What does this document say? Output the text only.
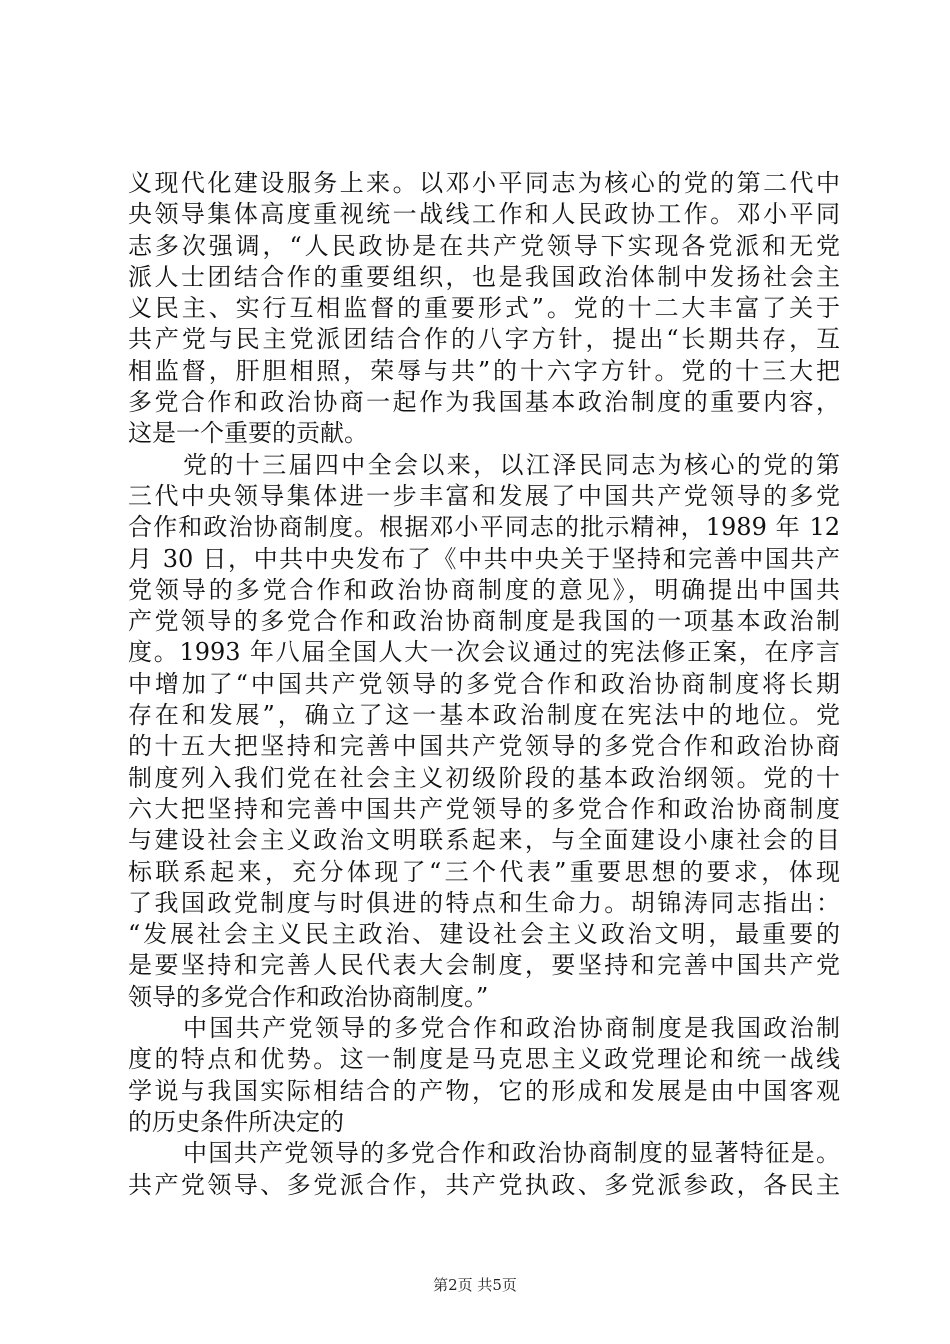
义现代化建设服务上来。以邓小平同志为核心的党的第二代中
央领导集体高度重视统一战线工作和人民政协工作。邓小平同
志多次强调，“人民政协是在共产党领导下实现各党派和无党
派人士团结合作的重要组织，也是我国政治体制中发扬社会主
义民主、实行互相监督的重要形式”。党的十二大丰富了关于
共产党与民主党派团结合作的八字方针，提出“长期共存，互
相监督，肝胆相照，荣辱与共”的十六字方针。党的十三大把
多党合作和政治协商一起作为我国基本政治制度的重要内容，
这是一个重要的贡献。
党的十三届四中全会以来，以江泽民同志为核心的党的第
三代中央领导集体进一步丰富和发展了中国共产党领导的多党
合作和政治协商制度。根据邓小平同志的批示精神，1989 年 12
月 30 日，中共中央发布了《中共中央关于坚持和完善中国共产
党领导的多党合作和政治协商制度的意见》，明确提出中国共
产党领导的多党合作和政治协商制度是我国的一项基本政治制
度。1993 年八届全国人大一次会议通过的宪法修正案，在序言
中增加了“中国共产党领导的多党合作和政治协商制度将长期
存在和发展”，确立了这一基本政治制度在宪法中的地位。党
的十五大把坚持和完善中国共产党领导的多党合作和政治协商
制度列入我们党在社会主义初级阶段的基本政治纲领。党的十
六大把坚持和完善中国共产党领导的多党合作和政治协商制度
与建设社会主义政治文明联系起来，与全面建设小康社会的目
标联系起来，充分体现了“三个代表”重要思想的要求，体现
了我国政党制度与时俱进的特点和生命力。胡锦涛同志指出：
“发展社会主义民主政治、建设社会主义政治文明，最重要的
是要坚持和完善人民代表大会制度，要坚持和完善中国共产党
领导的多党合作和政治协商制度。”
中国共产党领导的多党合作和政治协商制度是我国政治制
度的特点和优势。这一制度是马克思主义政党理论和统一战线
学说与我国实际相结合的产物，它的形成和发展是由中国客观
的历史条件所决定的
中国共产党领导的多党合作和政治协商制度的显著特征是。
共产党领导、多党派合作，共产党执政、多党派参政，各民主
第2页 共5页
